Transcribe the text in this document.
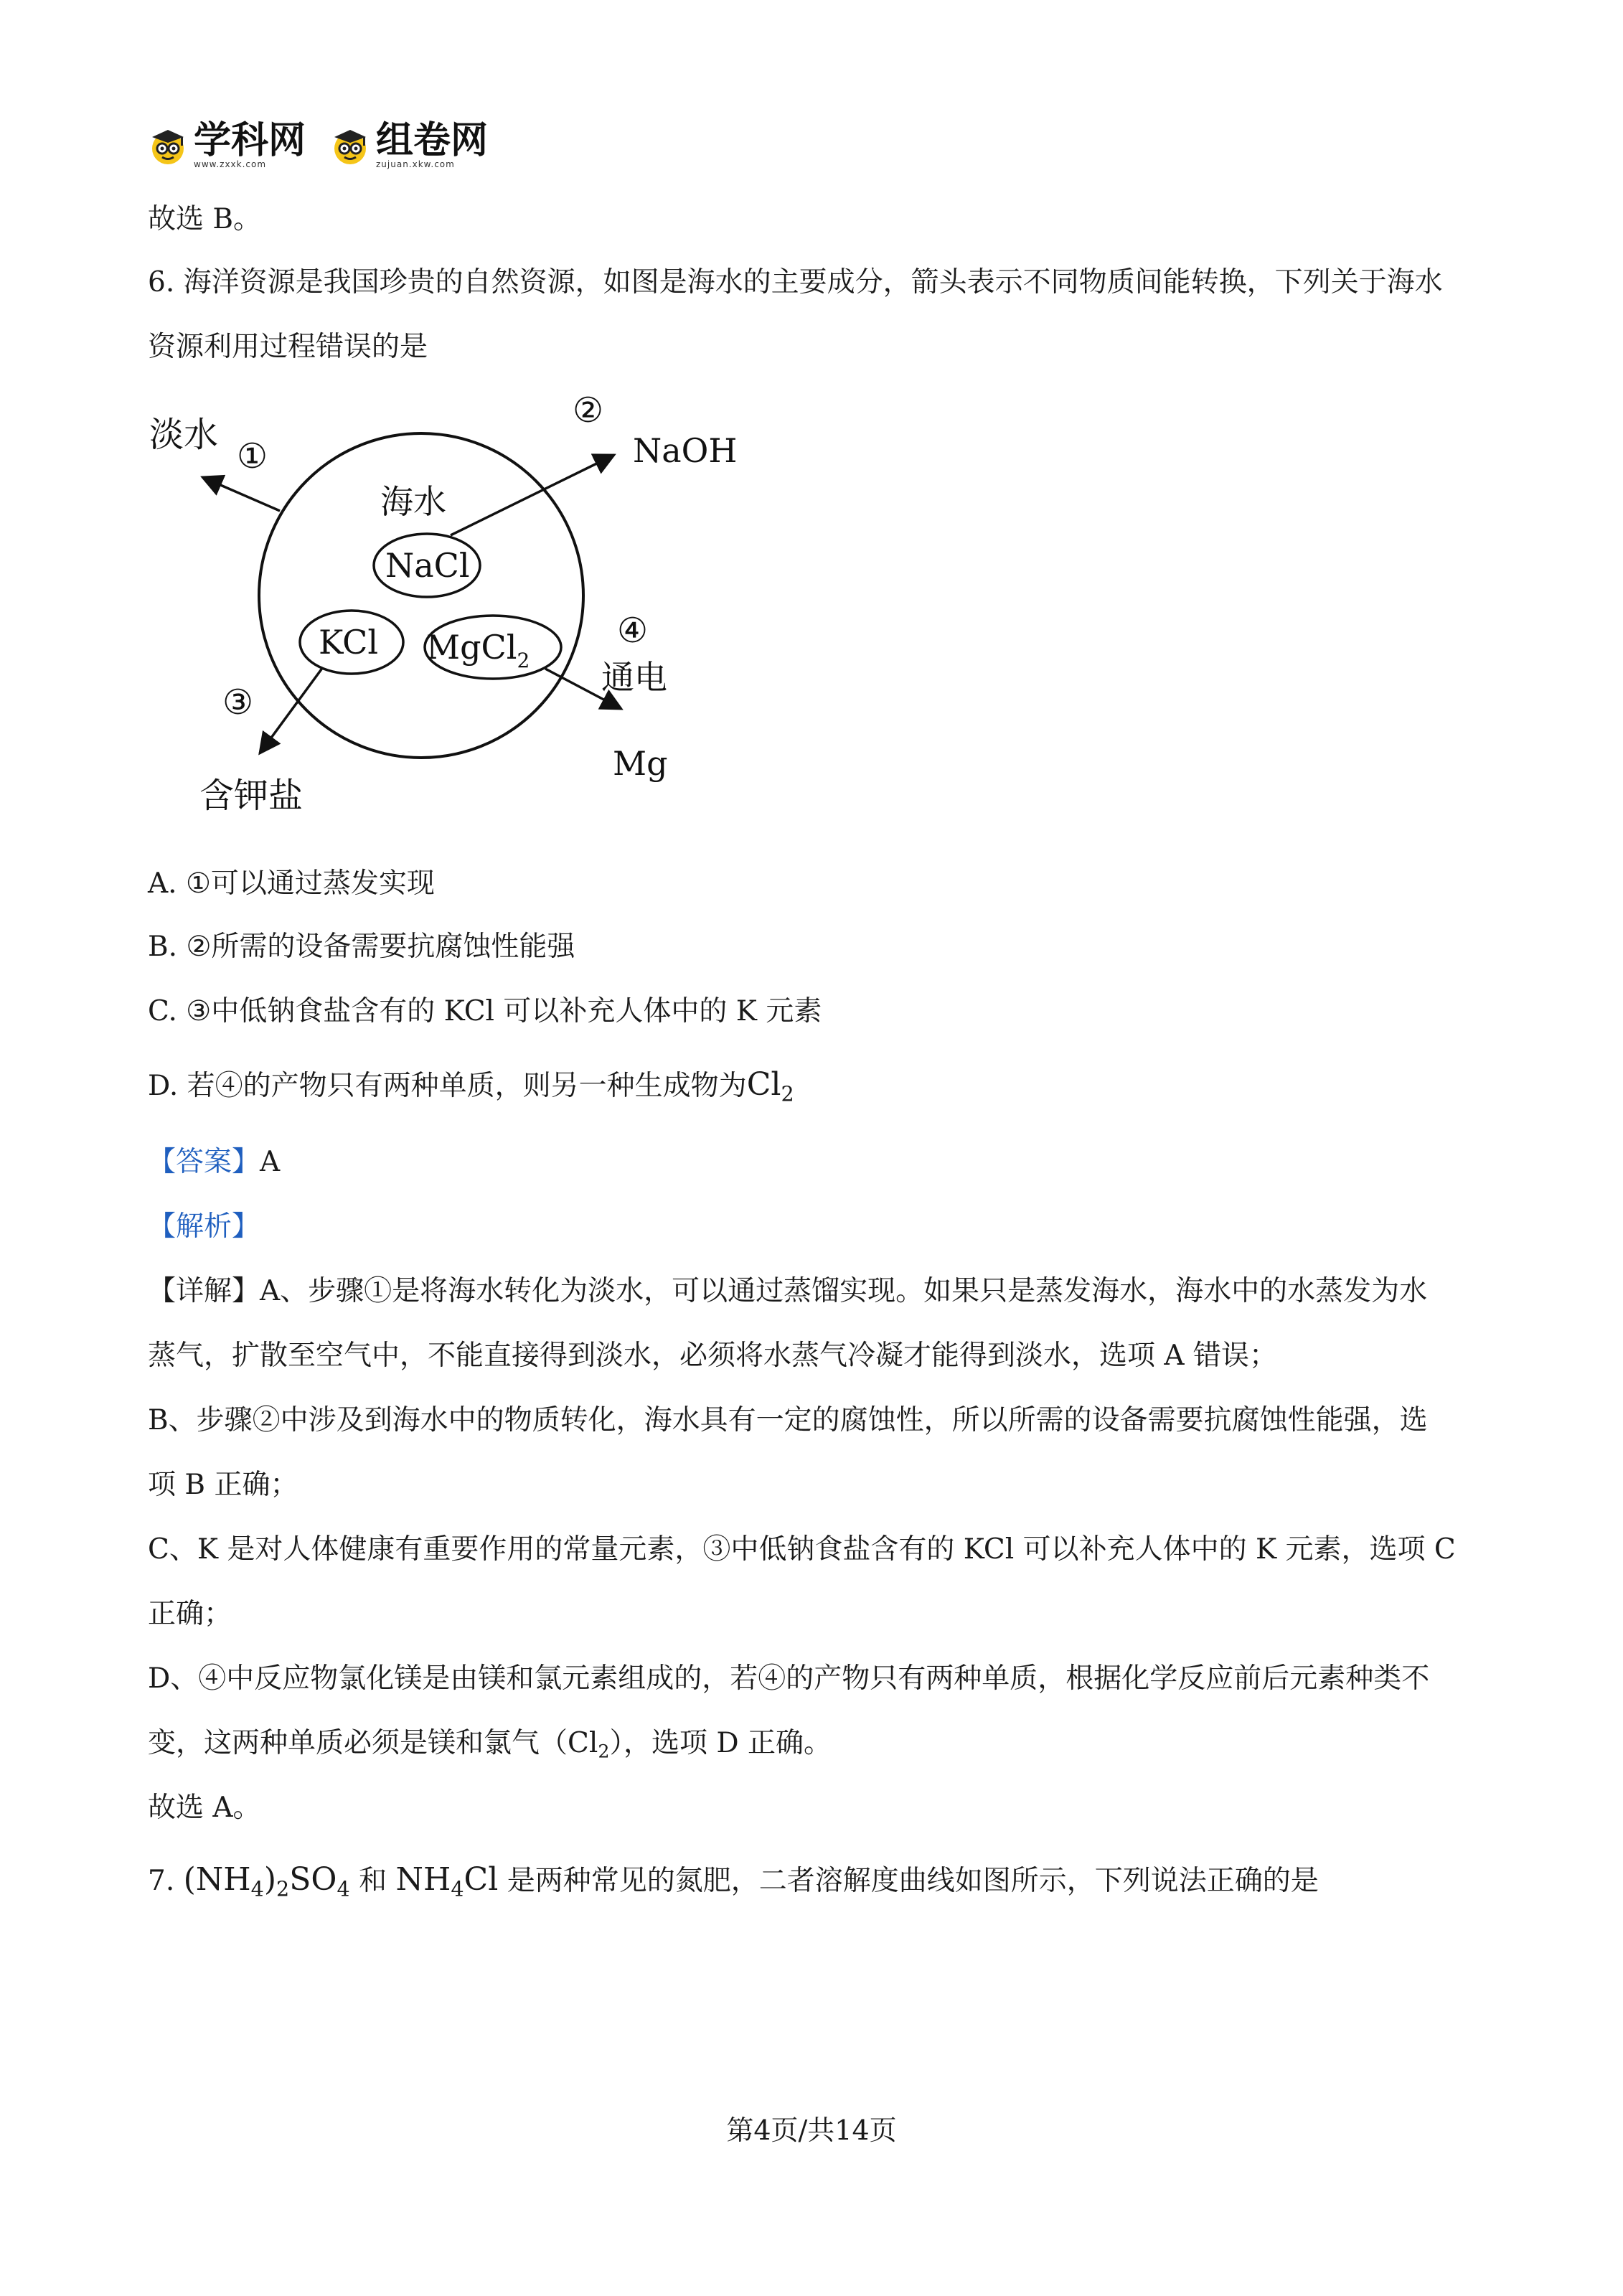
学科网
www.zxxk.com
组卷网
zujuan.xkw.com
故选 B。
6. 海洋资源是我国珍贵的自然资源，如图是海水的主要成分，箭头表示不同物质间能转换，下列关于海水
资源利用过程错误的是
海水
NaCl
KCl MgCl$_2$
淡水
①
②
NaOH
④
通电
Mg
③
含钾盐
A. ①可以通过蒸发实现
B. ②所需的设备需要抗腐蚀性能强
C. ③中低钠食盐含有的 KCl 可以补充人体中的 K 元素
D. 若④的产物只有两种单质，则另一种生成物为$Cl_2$
【答案】A
【解析】
【详解】A、步骤①是将海水转化为淡水，可以通过蒸馏实现。如果只是蒸发海水，海水中的水蒸发为水
蒸气，扩散至空气中，不能直接得到淡水，必须将水蒸气冷凝才能得到淡水，选项 A 错误；
B、步骤②中涉及到海水中的物质转化，海水具有一定的腐蚀性，所以所需的设备需要抗腐蚀性能强，选
项 B 正确；
C、K 是对人体健康有重要作用的常量元素，③中低钠食盐含有的 KCl 可以补充人体中的 K 元素，选项 C
正确；
D、④中反应物氯化镁是由镁和氯元素组成的，若④的产物只有两种单质，根据化学反应前后元素种类不
变，这两种单质必须是镁和氯气$(Cl_2)$，选项 D 正确。
故选 A。
7. $(NH_4)_2SO_4$ 和 $NH_4Cl$ 是两种常见的氮肥，二者溶解度曲线如图所示，下列说法正确的是
第4页/共14页
